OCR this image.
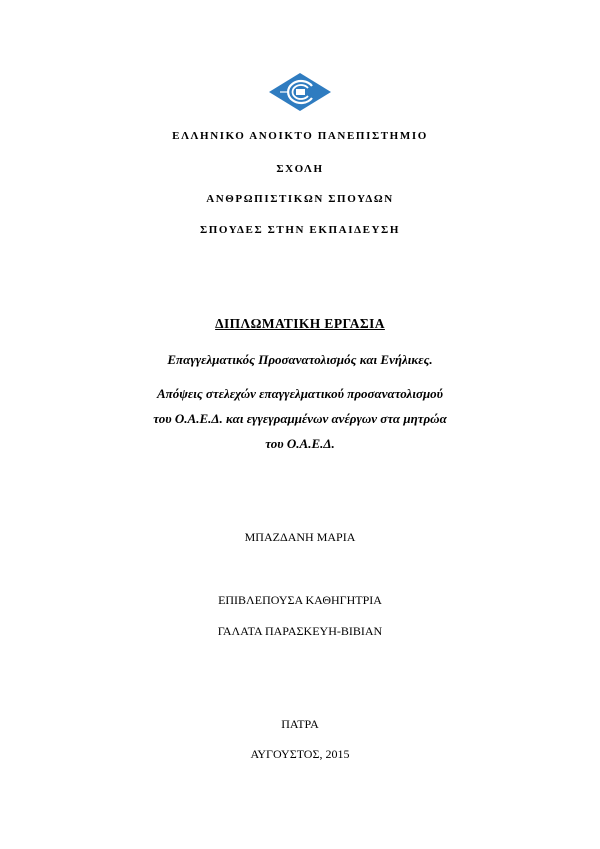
ΕΛΛΗΝΙΚΟ ΑΝΟΙΚΤΟ ΠΑΝΕΠΙΣΤΗΜΙΟ
ΣΧΟΛΗ
ΑΝΘΡΩΠΙΣΤΙΚΩΝ ΣΠΟΥΔΩΝ
ΣΠΟΥΔΕΣ ΣΤΗΝ ΕΚΠΑΙΔΕΥΣΗ
ΔΙΠΛΩΜΑΤΙΚΗ ΕΡΓΑΣΙΑ
Επαγγελματικός Προσανατολισμός και Ενήλικες.
Απόψεις στελεχών επαγγελματικού προσανατολισμού
του Ο.Α.Ε.Δ. και εγγεγραμμένων ανέργων στα μητρώα
του Ο.Α.Ε.Δ.
ΜΠΑΖΔΑΝΗ ΜΑΡΙΑ
ΕΠΙΒΛΕΠΟΥΣΑ ΚΑΘΗΓΗΤΡΙΑ
ΓΑΛΑΤΑ ΠΑΡΑΣΚΕΥΗ-ΒΙΒΙΑΝ
ΠΑΤΡΑ
ΑΥΓΟΥΣΤΟΣ, 2015
